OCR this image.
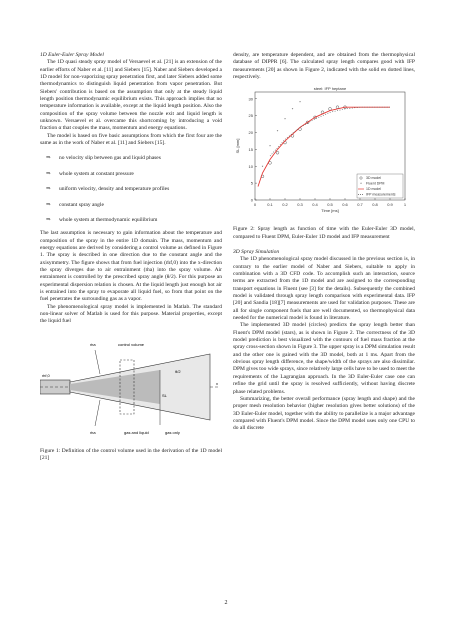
1D Euler-Euler Spray Model

The 1D quasi steady spray model of Versaevel et al. [21] is an extension of the earlier efforts of Naber et al. [11] and Siebers [15]. Naber and Siebers developed a 1D model for non-vaporizing spray penetration first, and later Siebers added some thermodynamics to distinguish liquid penetration from vapor penetration. But Siebers' contribution is based on the assumption that only at the steady liquid length position thermodynamic equilibrium exists. This approach implies that no temperature information is available, except at the liquid length position. Also the composition of the spray volume between the nozzle exit and liquid length is unknown. Versaevel et al. overcame this shortcoming by introducing a void fraction α that couples the mass, momentum and energy equations.

The model is based on five basic assumptions from which the first four are the same as in the work of Naber et al. [11] and Siebers [15].

⇒	no velocity slip between gas and liquid phases
⇒	whole system at constant pressure
⇒	uniform velocity, density and temperature profiles
⇒	constant spray angle
⇒	whole system at thermodynamic equilibrium

The last assumption is necessary to gain information about the temperature and composition of the spray in the entire 1D domain. The mass, momentum and energy equations are derived by considering a control volume as defined in Figure 1. The spray is described in one direction due to the constant angle and the axisymmetry. The figure shows that from fuel injection (ṁf,0) into the x-direction the spray diverges due to air entrainment (ṁa) into the spray volume. Air entrainment is controlled by the prescribed spray angle (θ/2). For this purpose an experimental dispersion relation is chosen. At the liquid length just enough hot air is entrained into the spray to evaporate all liquid fuel, so from that point on the fuel penetrates the surrounding gas as a vapor.

The phenomenological spray model is implemented in Matlab. The standard non-linear solver of Matlab is used for this purpose. Material properties, except the liquid fuel

ṁa
ṁa
control volume
ṁf,0
θ/2
SL
x
gas and liquid	gas only

Figure 1: Definition of the control volume used in the derivation of the 1D model [21]

density, are temperature dependent, and are obtained from the thermophysical database of DIPPR [6]. The calculated spray length compares good with IFP measurements [20] as shown in Figure 2, indicated with the solid en dotted lines, respectively.

0	0.1 0.2 0.3 0.4 0.5 0.6 0.7 0.8 0.9	1
0
5
10
15
20
25
30
Time [ms]
SL [mm]
steel: IFP heptane
*
*
*
*
*
*
3D model
* Fluent DPM
1D model
IFP measurements

Figure 2: Spray length as function of time with the Euler-Euler 3D model, compared to Fluent DPM, Euler-Euler 1D model and IFP measurement

3D Spray Simulation

The 1D phenomenological spray model discussed in the previous section is, in contrary to the earlier model of Naber and Siebers, suitable to apply in combination with a 3D CFD code. To accomplish such an interaction, source terms are extracted from the 1D model and are assigned to the corresponding transport equations in Fluent (see [3] for the details). Subsequently the combined model is validated through spray length comparison with experimental data. IFP [20] and Sandia [18][7] measurements are used for validation purposes. These are all for single component fuels that are well documented, so thermophysical data needed for the numerical model is found in literature.

The implemented 3D model (circles) predicts the spray length better than Fluent's DPM model (stars), as is shown in Figure 2. The correctness of the 3D model prediction is best visualized with the contours of fuel mass fraction at the spray cross-section shown in Figure 3. The upper spray is a DPM simulation result and the other one is gained with the 3D model, both at 1 ms. Apart from the obvious spray length difference, the shape/width of the sprays are also dissimilar. DPM gives too wide sprays, since relatively large cells have to be used to meet the requirements of the Lagrangian approach. In the 3D Euler-Euler case one can refine the grid until the spray is resolved sufficiently, without having discrete phase related problems.

Summarizing, the better overall performance (spray length and shape) and the proper mesh resolution behavior (higher resolution gives better solutions) of the 3D Euler-Euler model, together with the ability to parallelize is a major advantage compared with Fluent's DPM model. Since the DPM model uses only one CPU to do all discrete

2
